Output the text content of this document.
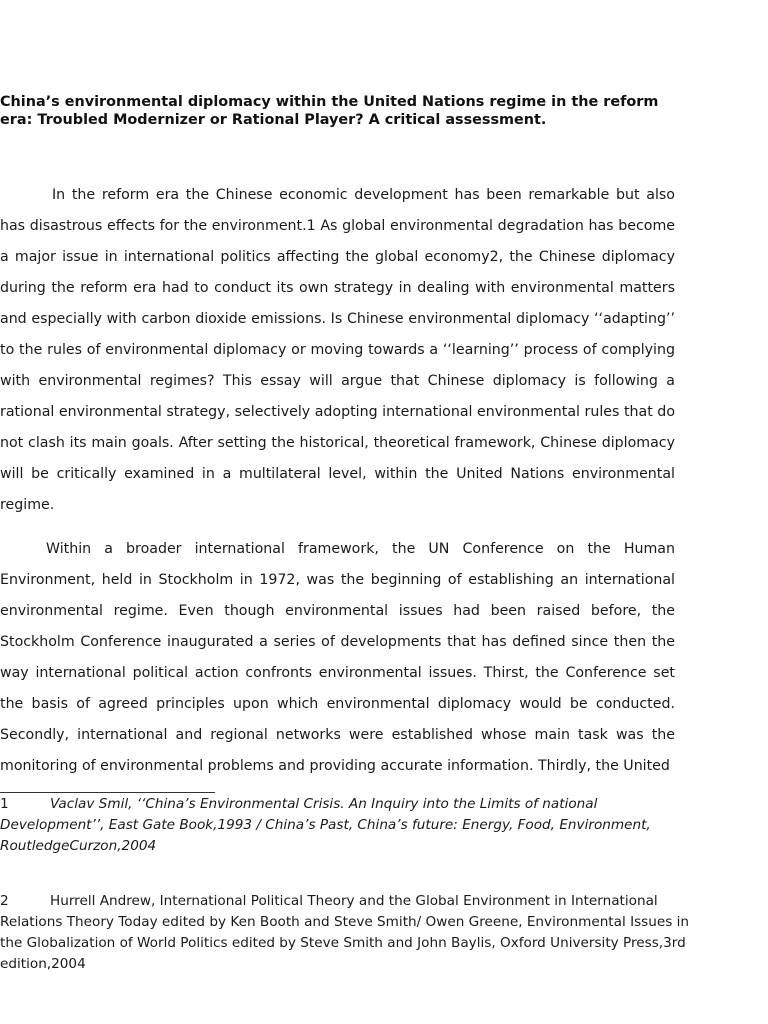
China’s environmental diplomacy within the United Nations regime in the reform era: Troubled Modernizer or Rational Player? A critical assessment.

In the reform era the Chinese economic development has been remarkable but also has disastrous effects for the environment.1 As global environmental degradation has become a major issue in international politics affecting the global economy2, the Chinese diplomacy during the reform era had to conduct its own strategy in dealing with environmental matters and especially with carbon dioxide emissions. Is Chinese environmental diplomacy ‘‘adapting’’ to the rules of environmental diplomacy or moving towards a ‘‘learning’’ process of complying with environmental regimes? This essay will argue that Chinese diplomacy is following a rational environmental strategy, selectively adopting international environmental rules that do not clash its main goals. After setting the historical, theoretical framework, Chinese diplomacy will be critically examined in a multilateral level, within the United Nations environmental regime.

Within a broader international framework, the UN Conference on the Human Environment, held in Stockholm in 1972, was the beginning of establishing an international environmental regime. Even though environmental issues had been raised before, the Stockholm Conference inaugurated a series of developments that has defined since then the way international political action confronts environmental issues. Thirst, the Conference set the basis of agreed principles upon which environmental diplomacy would be conducted. Secondly, international and regional networks were established whose main task was the monitoring of environmental problems and providing accurate information. Thirdly, the United

1	Vaclav Smil, ‘‘China’s Environmental Crisis. An Inquiry into the Limits of national Development’’, East Gate Book,1993 / China’s Past, China’s future: Energy, Food, Environment, RoutledgeCurzon,2004

2	Hurrell Andrew, International Political Theory and the Global Environment in International Relations Theory Today edited by Ken Booth and Steve Smith/ Owen Greene, Environmental Issues in the Globalization of World Politics edited by Steve Smith and John Baylis, Oxford University Press,3rd edition,2004
